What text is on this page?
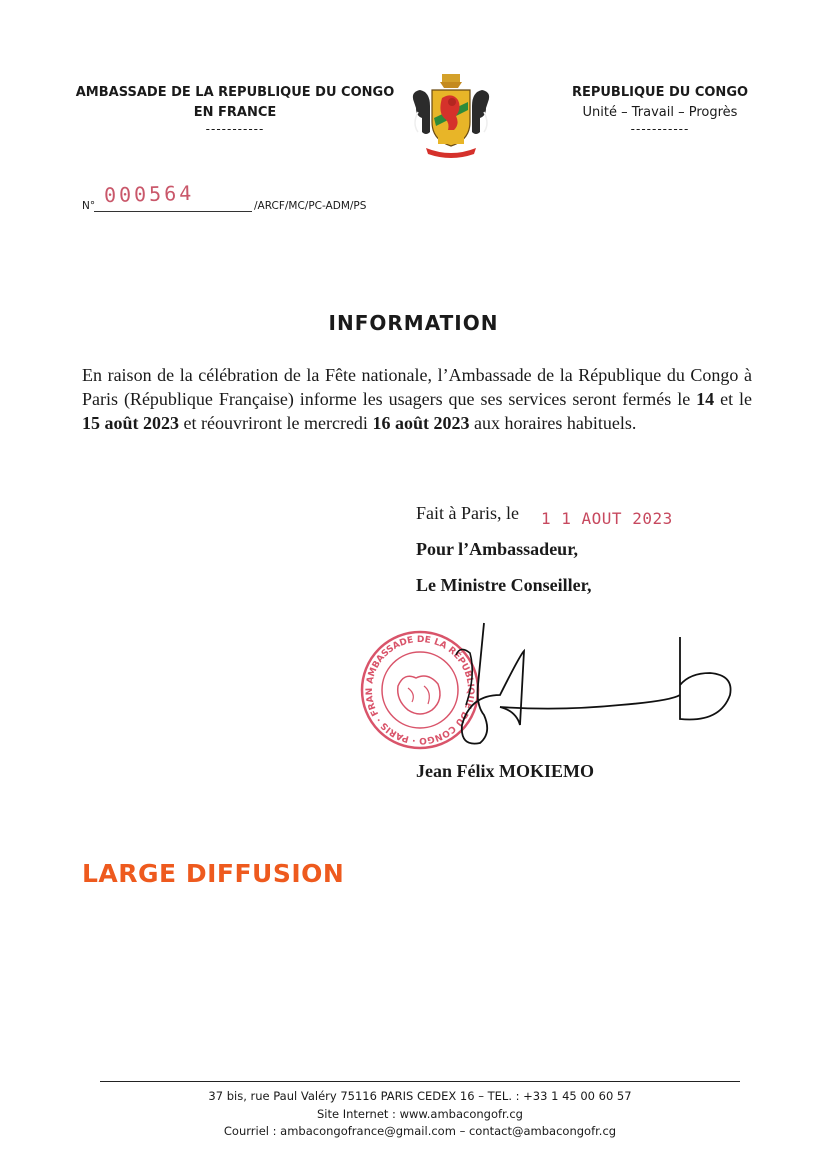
AMBASSADE DE LA REPUBLIQUE DU CONGO
EN FRANCE
-----------
REPUBLIQUE DU CONGO
Unité – Travail – Progrès
-----------
N° 000564	/ARCF/MC/PC-ADM/PS
INFORMATION
En raison de la célébration de la Fête nationale, l’Ambassade de la République du Congo à Paris (République Française) informe les usagers que ses services seront fermés le 14 et le 15 août 2023 et réouvriront le mercredi 16 août 2023 aux horaires habituels.
Fait à Paris, le 1 1 AOUT 2023
Pour l’Ambassadeur,
Le Ministre Conseiller,
AMBASSADE DE LA RÉPUBLIQUE DU CONGO · PARIS · FRAN
Jean Félix MOKIEMO
LARGE DIFFUSION
37 bis, rue Paul Valéry 75116 PARIS CEDEX 16 – TEL. : +33 1 45 00 60 57
Site Internet : www.ambacongofr.cg
Courriel : ambacongofrance@gmail.com – contact@ambacongofr.cg
